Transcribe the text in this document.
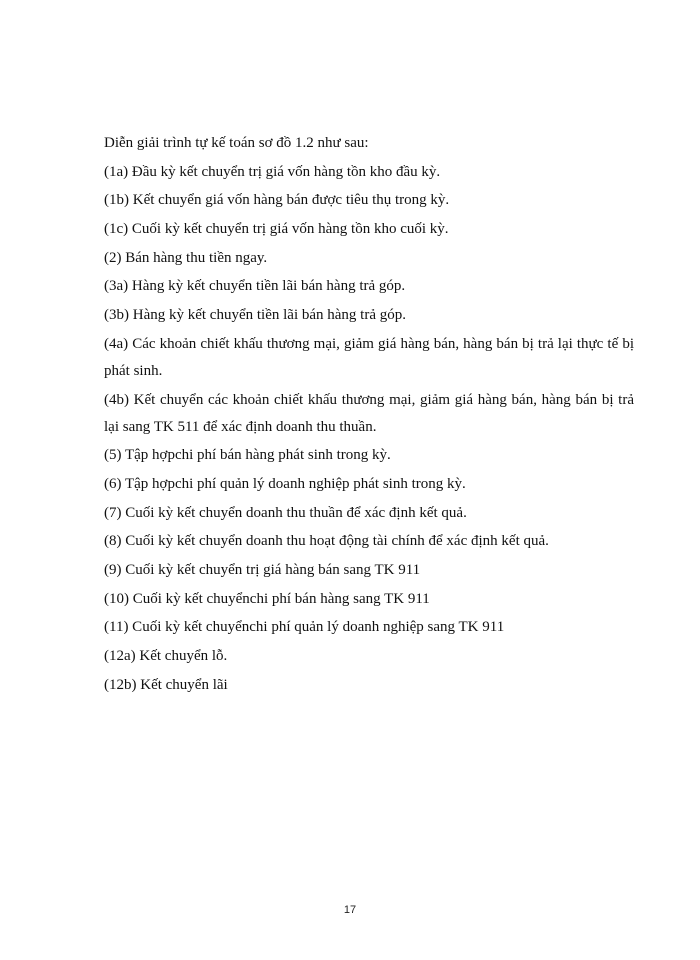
Diễn giải trình tự kế toán sơ đồ 1.2 như sau:

(1a) Đầu kỳ kết chuyển trị giá vốn hàng tồn kho đầu kỳ.

(1b) Kết chuyển giá vốn hàng bán được tiêu thụ trong kỳ.

(1c) Cuối kỳ kết chuyển trị giá vốn hàng tồn kho cuối kỳ.

(2) Bán hàng thu tiền ngay.

(3a) Hàng kỳ kết chuyển tiền lãi bán hàng trả góp.

(3b) Hàng kỳ kết chuyển tiền lãi bán hàng trả góp.

(4a) Các khoản chiết khấu thương mại, giảm giá hàng bán, hàng bán bị trả lại thực tế bị phát sinh.

(4b) Kết chuyển các khoản chiết khấu thương mại, giảm giá hàng bán, hàng bán bị trả lại sang TK 511 để xác định doanh thu thuần.

(5) Tập hợpchi phí bán hàng phát sinh trong kỳ.

(6) Tập hợpchi phí quản lý doanh nghiệp phát sinh trong kỳ.

(7) Cuối kỳ kết chuyển doanh thu thuần để xác định kết quả.

(8) Cuối kỳ kết chuyển doanh thu hoạt động tài chính để xác định kết quả.

(9) Cuối kỳ kết chuyển trị giá hàng bán sang TK 911

(10) Cuối kỳ kết chuyểnchi phí bán hàng sang TK 911

(11) Cuối kỳ kết chuyểnchi phí quản lý doanh nghiệp sang TK 911

(12a) Kết chuyển lỗ.

(12b) Kết chuyển lãi

17
